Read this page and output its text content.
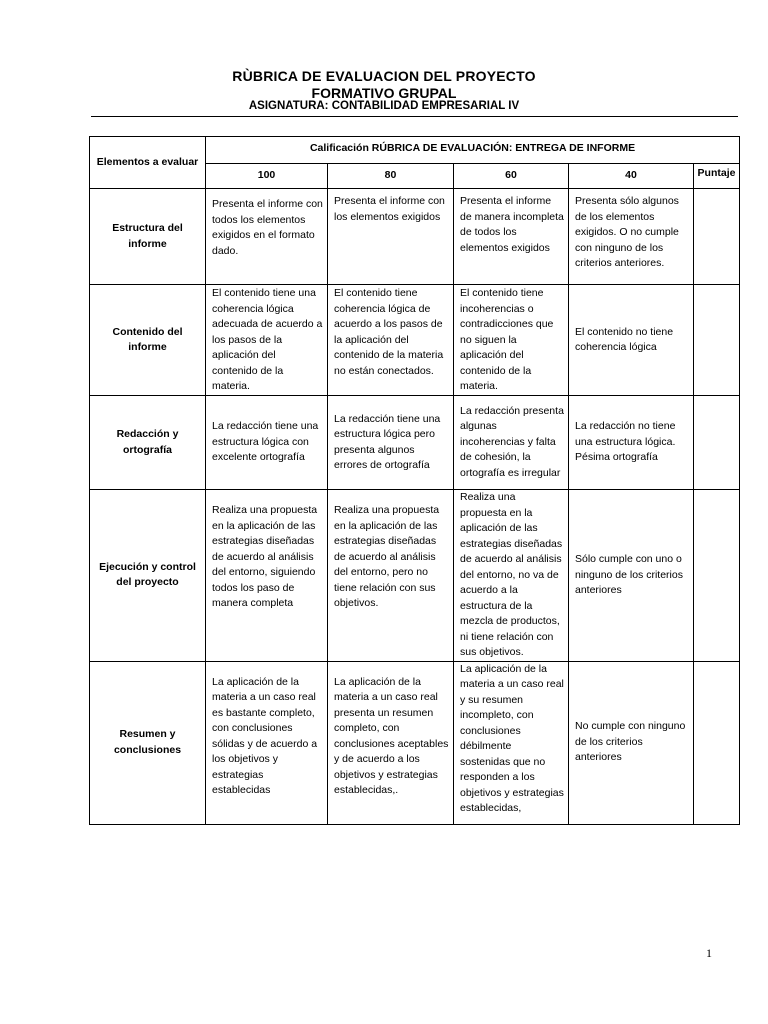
RÙBRICA DE EVALUACION DEL PROYECTO
FORMATIVO GRUPAL
ASIGNATURA: CONTABILIDAD EMPRESARIAL IV
Elementos a evaluar	Calificación RÚBRICA DE EVALUACIÓN: ENTREGA DE INFORME				
	100	80	60	40	Puntaje
Estructura del informe	Presenta el informe con todos los elementos exigidos en el formato dado.	Presenta el informe con los elementos exigidos	Presenta el informe de manera incompleta de todos los elementos exigidos	Presenta sólo algunos de los elementos exigidos. O no cumple con ninguno de los criterios anteriores.	
Contenido del informe	El contenido tiene una coherencia lógica adecuada de acuerdo a los pasos de la aplicación del contenido de la materia.	El contenido tiene coherencia lógica de acuerdo a los pasos de la aplicación del contenido de la materia no están conectados.	El contenido tiene incoherencias o contradicciones que no siguen la aplicación del contenido de la materia.	El contenido no tiene coherencia lógica	
Redacción y ortografía	La redacción tiene una estructura lógica con excelente ortografía	La redacción tiene una estructura lógica pero presenta algunos errores de ortografía	La redacción presenta algunas incoherencias y falta de cohesión, la ortografía es irregular	La redacción no tiene una estructura lógica. Pésima ortografía	
Ejecución y control del proyecto	Realiza una propuesta en la aplicación de las estrategias diseñadas de acuerdo al análisis del entorno, siguiendo todos los paso de manera completa	Realiza una propuesta en la aplicación de las estrategias diseñadas de acuerdo al análisis del entorno, pero no tiene relación con sus objetivos.	Realiza una propuesta en la aplicación de las estrategias diseñadas de acuerdo al análisis del entorno, no va de acuerdo a la estructura de la mezcla de productos, ni tiene relación con sus objetivos.	Sólo cumple con uno o ninguno de los criterios anteriores	
Resumen y conclusiones	La aplicación de la materia a un caso real es bastante completo, con conclusiones sólidas y de acuerdo a los objetivos y estrategias establecidas	La aplicación de la materia a un caso real presenta un resumen completo, con conclusiones aceptables y de acuerdo a los objetivos y estrategias establecidas,.	La aplicación de la materia a un caso real y su resumen incompleto, con conclusiones débilmente sostenidas que no responden a los objetivos y estrategias establecidas,	No cumple con ninguno de los criterios anteriores	
1
